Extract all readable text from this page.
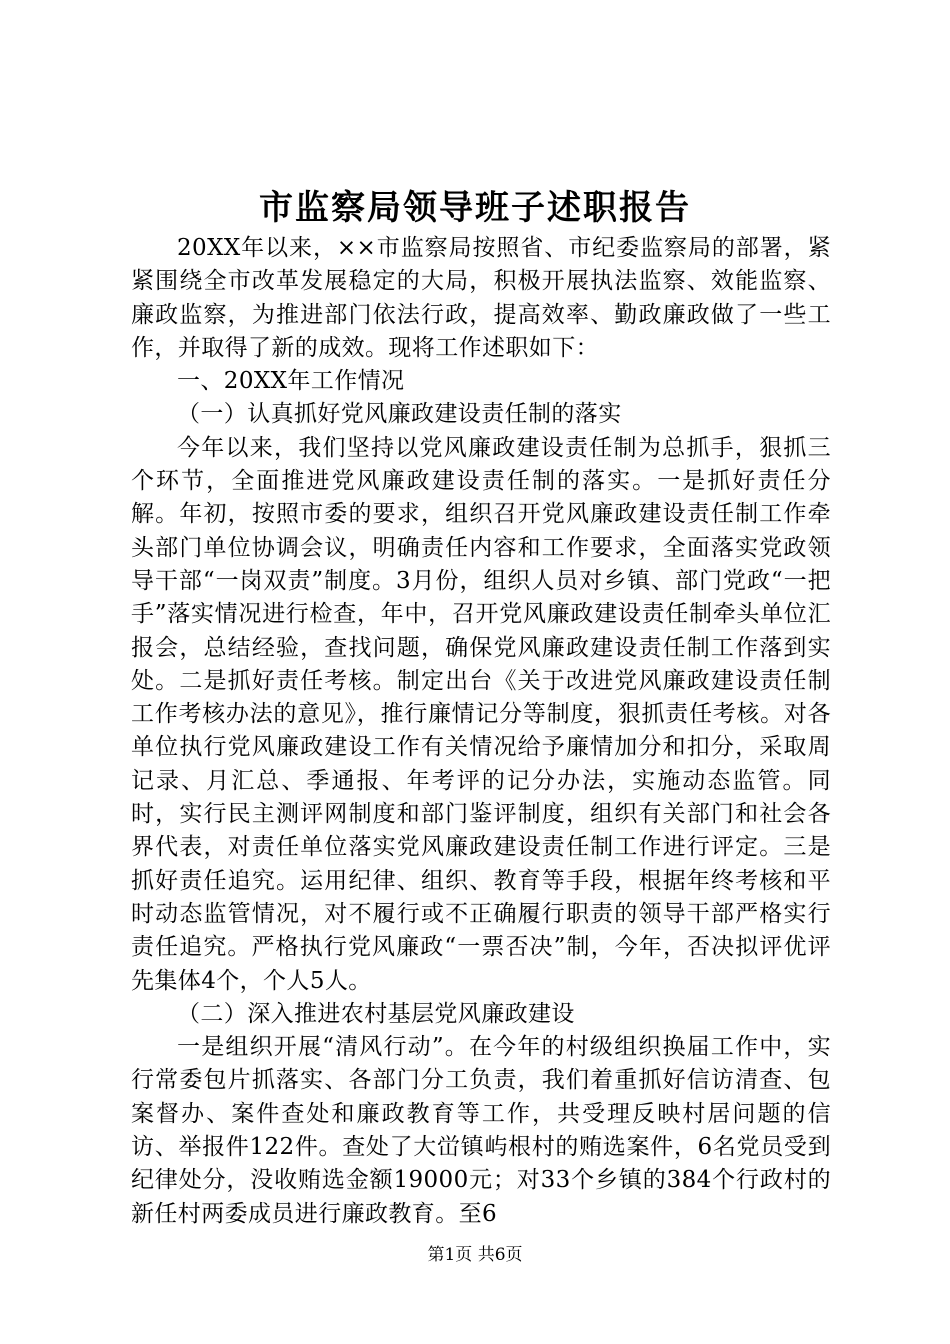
市监察局领导班子述职报告

20XX年以来，××市监察局按照省、市纪委监察局的部署，紧紧围绕全市改革发展稳定的大局，积极开展执法监察、效能监察、廉政监察，为推进部门依法行政，提高效率、勤政廉政做了一些工作，并取得了新的成效。现将工作述职如下：

一、20XX年工作情况

（一）认真抓好党风廉政建设责任制的落实

今年以来，我们坚持以党风廉政建设责任制为总抓手，狠抓三个环节，全面推进党风廉政建设责任制的落实。一是抓好责任分解。年初，按照市委的要求，组织召开党风廉政建设责任制工作牵头部门单位协调会议，明确责任内容和工作要求，全面落实党政领导干部“一岗双责”制度。3月份，组织人员对乡镇、部门党政“一把手”落实情况进行检查，年中，召开党风廉政建设责任制牵头单位汇报会，总结经验，查找问题，确保党风廉政建设责任制工作落到实处。二是抓好责任考核。制定出台《关于改进党风廉政建设责任制工作考核办法的意见》，推行廉情记分等制度，狠抓责任考核。对各单位执行党风廉政建设工作有关情况给予廉情加分和扣分，采取周记录、月汇总、季通报、年考评的记分办法，实施动态监管。同时，实行民主测评网制度和部门鉴评制度，组织有关部门和社会各界代表，对责任单位落实党风廉政建设责任制工作进行评定。三是抓好责任追究。运用纪律、组织、教育等手段，根据年终考核和平时动态监管情况，对不履行或不正确履行职责的领导干部严格实行责任追究。严格执行党风廉政“一票否决”制，今年，否决拟评优评先集体4个，个人5人。

（二）深入推进农村基层党风廉政建设

一是组织开展“清风行动”。在今年的村级组织换届工作中，实行常委包片抓落实、各部门分工负责，我们着重抓好信访清查、包案督办、案件查处和廉政教育等工作，共受理反映村居问题的信访、举报件122件。查处了大峃镇屿根村的贿选案件，6名党员受到纪律处分，没收贿选金额19000元；对33个乡镇的384个行政村的新任村两委成员进行廉政教育。至6

第1页 共6页
